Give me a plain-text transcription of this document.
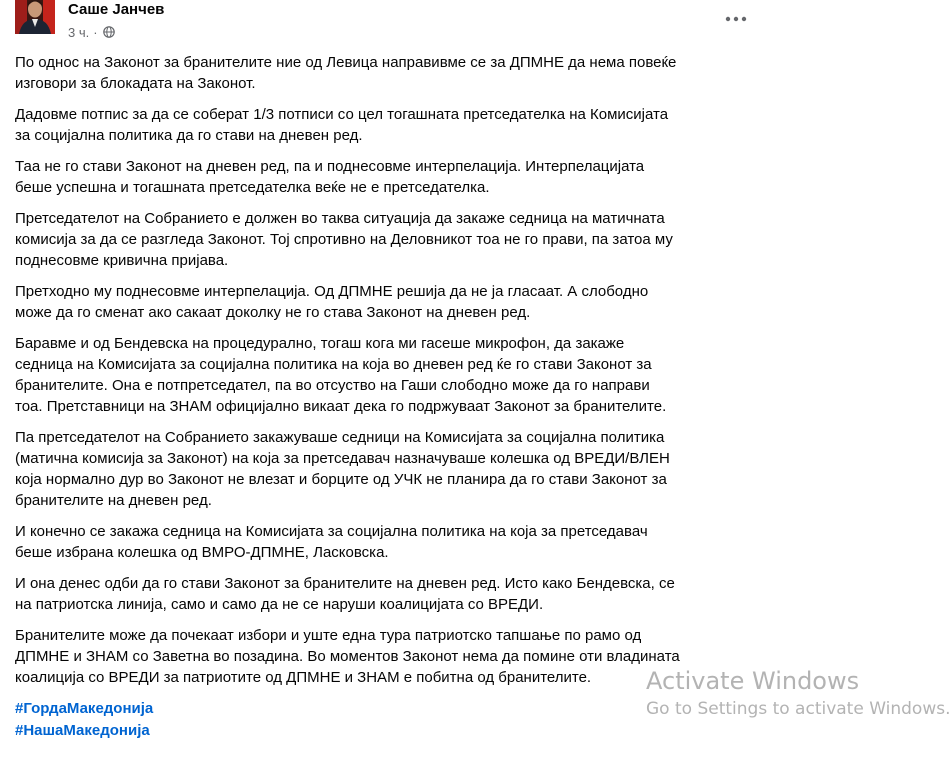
Саше Јанчев
3 ч. ·

По однос на Законот за бранителите ние од Левица направивме се за ДПМНЕ да нема повеќе
изговори за блокадата на Законот.

Дадовме потпис за да се соберат 1/3 потписи со цел тогашната претседателка на Комисијата
за социјална политика да го стави на дневен ред.

Таа не го стави Законот на дневен ред, па и поднесовме интерпелација. Интерпелацијата
беше успешна и тогашната претседателка веќе не е претседателка.

Претседателот на Собранието е должен во таква ситуација да закаже седница на матичната
комисија за да се разгледа Законот. Тој спротивно на Деловникот тоа не го прави, па затоа му
поднесовме кривична пријава.

Претходно му поднесовме интерпелација. Од ДПМНЕ решија да не ја гласаат. А слободно
може да го сменат ако сакаат доколку не го става Законот на дневен ред.

Баравме и од Бендевска на процедурално, тогаш кога ми гасеше микрофон, да закаже
седница на Комисијата за социјална политика на која во дневен ред ќе го стави Законот за
бранителите. Она е потпретседател, па во отсуство на Гаши слободно може да го направи
тоа. Претставници на ЗНАМ официјално викаат дека го подржуваат Законот за бранителите.

Па претседателот на Собранието закажуваше седници на Комисијата за социјална политика
(матична комисија за Законот) на која за претседавач назначуваше колешка од ВРЕДИ/ВЛЕН
која нормално дур во Законот не влезат и борците од УЧК не планира да го стави Законот за
бранителите на дневен ред.

И конечно се закажа седница на Комисијата за социјална политика на која за претседавач
беше избрана колешка од ВМРО-ДПМНЕ, Ласковска.

И она денес одби да го стави Законот за бранителите на дневен ред. Исто како Бендевска, се
на патриотска линија, само и само да не се наруши коалицијата со ВРЕДИ.

Бранителите може да почекаат избори и уште една тура патриотско тапшање по рамо од
ДПМНЕ и ЗНАМ со Заветна во позадина. Во моментов Законот нема да помине оти владината
коалиција со ВРЕДИ за патриотите од ДПМНЕ и ЗНАМ е побитна од бранителите.

#ГордаМакедонија
#НашаМакедонија
Activate Windows
Go to Settings to activate Windows.
